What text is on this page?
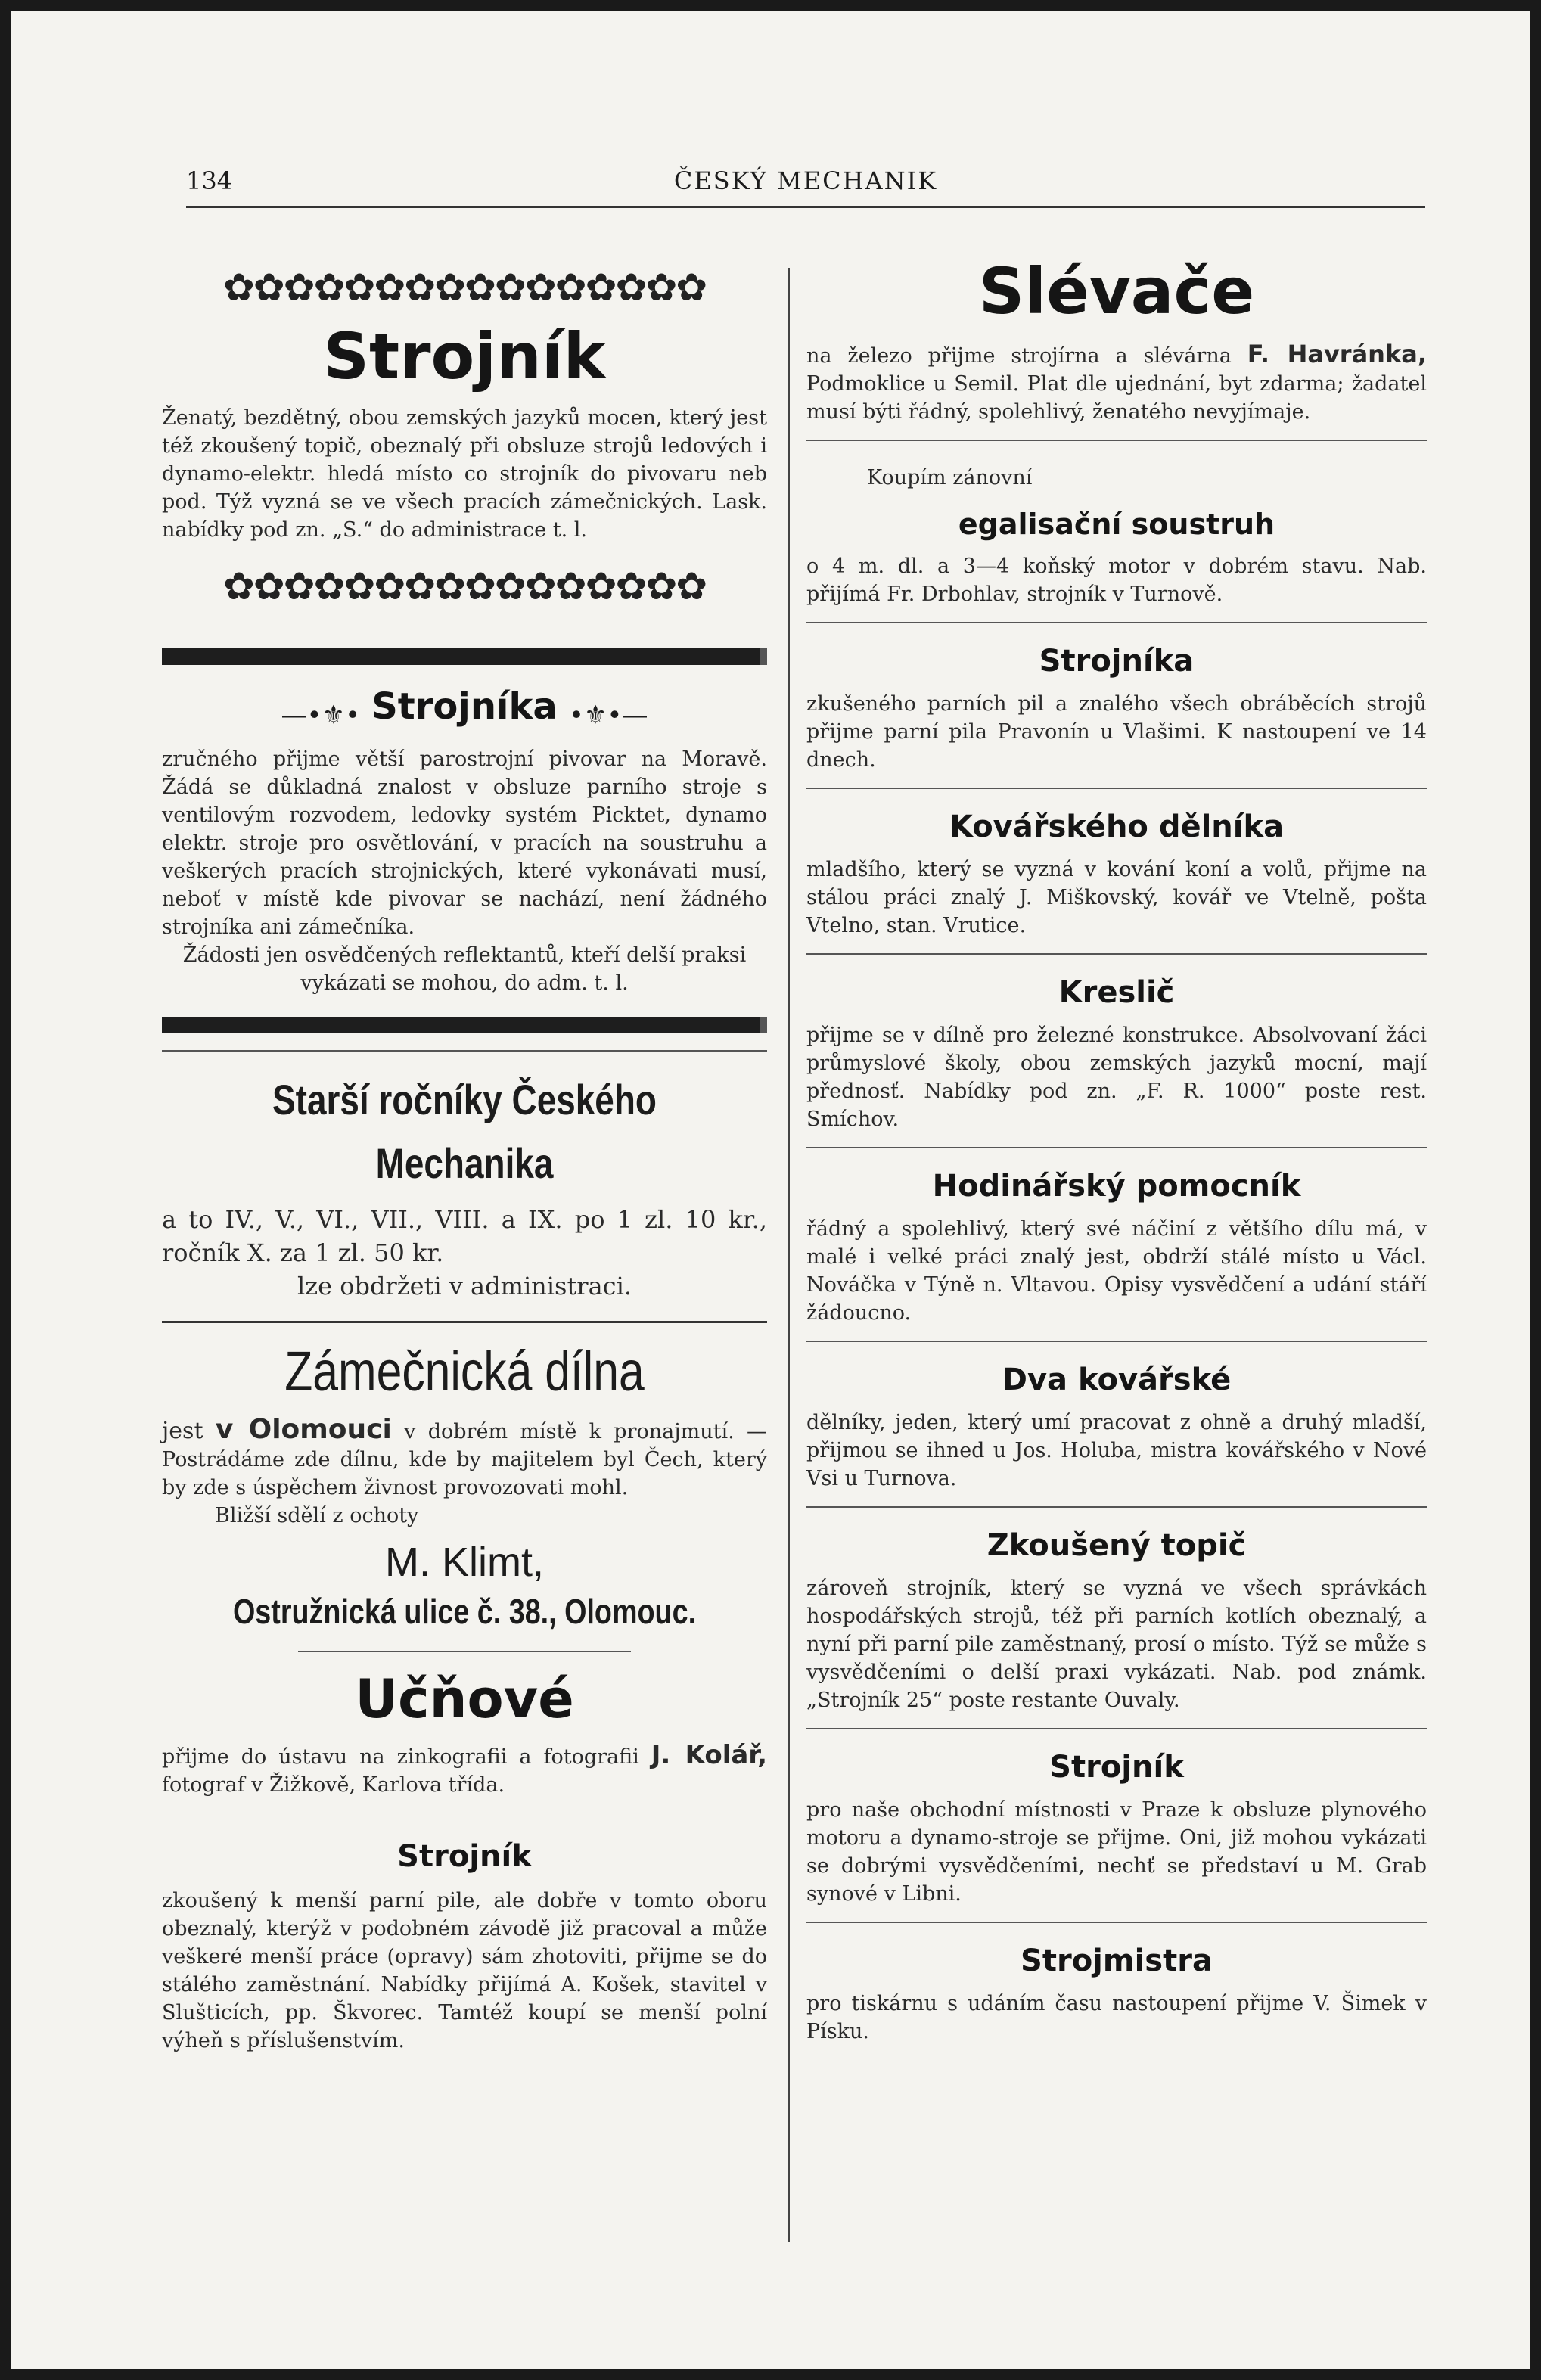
134	ČESKÝ MECHANIK
✿✿✿✿✿✿✿✿✿✿✿✿✿✿✿✿
Strojník

Ženatý, bezdětný, obou zemských jazyků mocen, který jest též zkoušený topič, obeznalý při obsluze strojů ledových i dynamo-elektr. hledá místo co strojník do pivovaru neb pod. Týž vyzná se ve všech pracích zámečnických. Lask. nabídky pod zn. „S.“ do administrace t. l.

✿✿✿✿✿✿✿✿✿✿✿✿✿✿✿✿
—•⚜• Strojníka •⚜•—

zručného přijme větší parostrojní pivovar na Moravě. Žádá se důkladná znalost v obsluze parního stroje s ventilovým rozvodem, ledovky systém Picktet, dynamo elektr. stroje pro osvětlování, v pracích na soustruhu a veškerých pracích strojnických, které vykonávati musí, neboť v místě kde pivovar se nachází, není žádného strojníka ani zámečníka.

Žádosti jen osvědčených reflektantů, kteří delší praksi vykázati se mohou, do adm. t. l.

Starší ročníky Českého Mechanika

a to IV., V., VI., VII., VIII. a IX. po 1 zl. 10 kr., ročník X. za 1 zl. 50 kr.

lze obdržeti v administraci.

Zámečnická dílna

jest v Olomouci v dobrém místě k pronajmutí. — Postrádáme zde dílnu, kde by majitelem byl Čech, který by zde s úspěchem živnost provozovati mohl.

Bližší sdělí z ochoty

M. Klimt,
Ostružnická ulice č. 38., Olomouc.
Učňové

přijme do ústavu na zinkografii a fotografii J. Kolář, fotograf v Žižkově, Karlova třída.

Strojník

zkoušený k menší parní pile, ale dobře v tomto oboru obeznalý, kterýž v podobném závodě již pracoval a může veškeré menší práce (opravy) sám zhotoviti, přijme se do stálého zaměstnání. Nabídky přijímá A. Košek, stavitel v Slušticích, pp. Škvorec. Tamtéž koupí se menší polní výheň s příslušenstvím.

Slévače

na železo přijme strojírna a slévárna F. Havránka, Podmoklice u Semil. Plat dle ujednání, byt zdarma; žadatel musí býti řádný, spolehlivý, ženatého nevyjímaje.

Koupím zánovní

egalisační soustruh

o 4 m. dl. a 3—4 koňský motor v dobrém stavu. Nab. přijímá Fr. Drbohlav, strojník v Turnově.

Strojníka

zkušeného parních pil a znalého všech obráběcích strojů přijme parní pila Pravonín u Vlašimi. K nastoupení ve 14 dnech.

Kovářského dělníka

mladšího, který se vyzná v kování koní a volů, přijme na stálou práci znalý J. Miškovský, kovář ve Vtelně, pošta Vtelno, stan. Vrutice.

Kreslič

přijme se v dílně pro železné konstrukce. Absolvovaní žáci průmyslové školy, obou zemských jazyků mocní, mají přednosť. Nabídky pod zn. „F. R. 1000“ poste rest. Smíchov.

Hodinářský pomocník

řádný a spolehlivý, který své náčiní z většího dílu má, v malé i velké práci znalý jest, obdrží stálé místo u Václ. Nováčka v Týně n. Vltavou. Opisy vysvědčení a udání stáří žádoucno.

Dva kovářské

dělníky, jeden, který umí pracovat z ohně a druhý mladší, přijmou se ihned u Jos. Holuba, mistra kovářského v Nové Vsi u Turnova.

Zkoušený topič

zároveň strojník, který se vyzná ve všech správkách hospodářských strojů, též při parních kotlích obeznalý, a nyní při parní pile zaměstnaný, prosí o místo. Týž se může s vysvědčeními o delší praxi vykázati. Nab. pod známk. „Strojník 25“ poste restante Ouvaly.

Strojník

pro naše obchodní místnosti v Praze k obsluze plynového motoru a dynamo-stroje se přijme. Oni, již mohou vykázati se dobrými vysvědčeními, nechť se představí u M. Grab synové v Libni.

Strojmistra

pro tiskárnu s udáním času nastoupení přijme V. Šimek v Písku.
